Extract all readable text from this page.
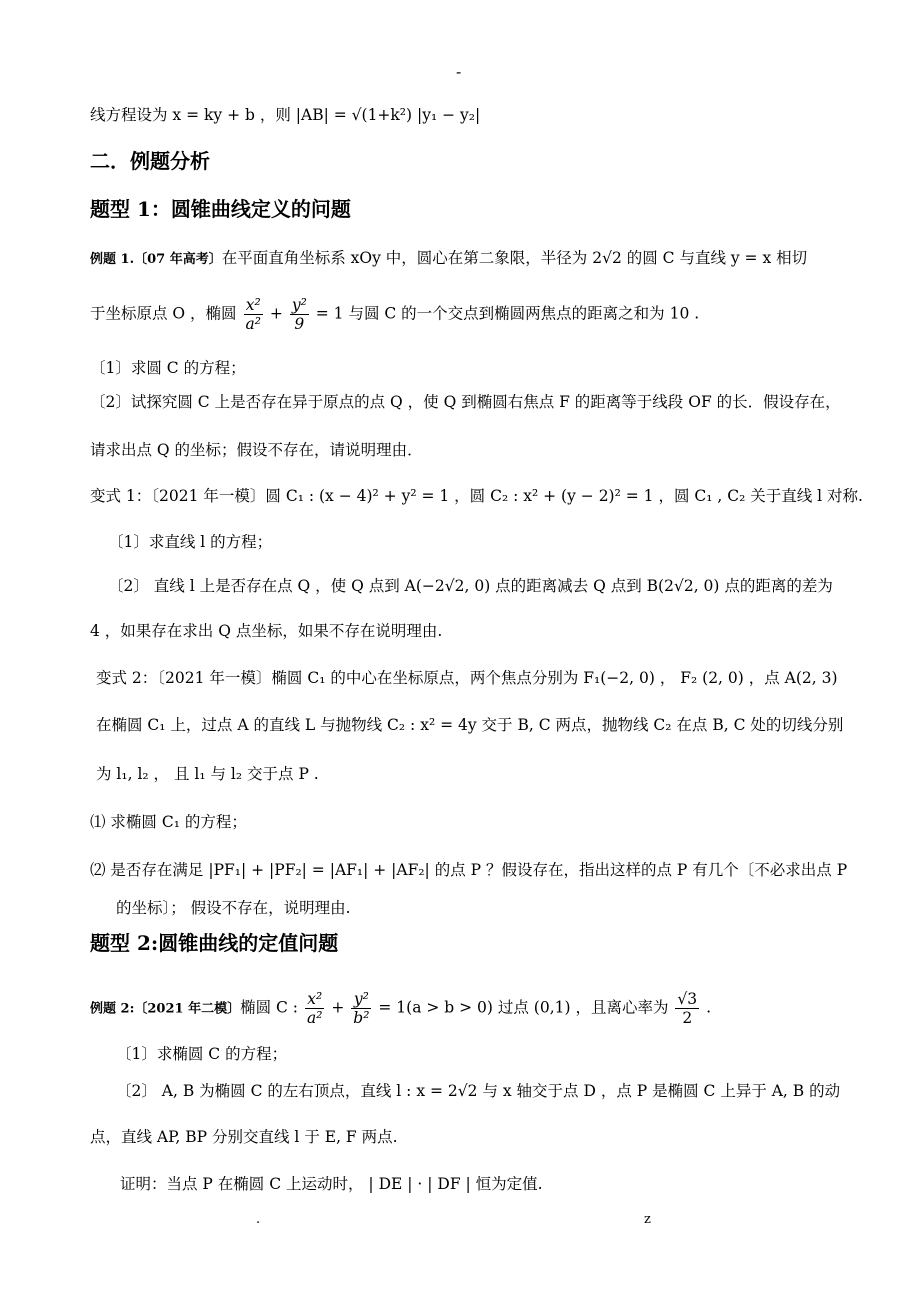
-
线方程设为 x = ky + b ，则 |AB| = √(1+k²) |y₁ − y₂|
二．例题分析
题型 1：圆锥曲线定义的问题
例题 1.〔07 年高考〕在平面直角坐标系 xOy 中，圆心在第二象限，半径为 2√2 的圆 C 与直线 y = x 相切
于坐标原点 O ，椭圆 $\frac{\text{x²}}{\text{a²}} + \frac{\text{y²}}{9} = 1$ 与圆 C 的一个交点到椭圆两焦点的距离之和为 10 .
〔1〕求圆 C 的方程；
〔2〕试探究圆 C 上是否存在异于原点的点 Q ，使 Q 到椭圆右焦点 F 的距离等于线段 OF 的长．假设存在，
请求出点 Q 的坐标；假设不存在，请说明理由．
变式 1：〔2021 年一模〕圆 C₁ : (x − 4)² + y² = 1 ，圆 C₂ : x² + (y − 2)² = 1 ，圆 C₁ , C₂ 关于直线 l 对称.
〔1〕求直线 l 的方程；
〔2〕 直线 l 上是否存在点 Q ，使 Q 点到 A(−2√2, 0) 点的距离减去 Q 点到 B(2√2, 0) 点的距离的差为
4 ，如果存在求出 Q 点坐标，如果不存在说明理由.
变式 2：〔2021 年一模〕椭圆 C₁ 的中心在坐标原点，两个焦点分别为 F₁(−2, 0) ， F₂ (2, 0) ，点 A(2, 3)
在椭圆 C₁ 上，过点 A 的直线 L 与抛物线 C₂ : x² = 4y 交于 B, C 两点，抛物线 C₂ 在点 B, C 处的切线分别
为 l₁, l₂ ， 且 l₁ 与 l₂ 交于点 P .
⑴ 求椭圆 C₁ 的方程；
⑵ 是否存在满足 |PF₁| + |PF₂| = |AF₁| + |AF₂| 的点 P ？假设存在，指出这样的点 P 有几个〔不必求出点 P
的坐标〕； 假设不存在，说明理由.
题型 2:圆锥曲线的定值问题
例题 2:〔2021 年二模〕椭圆 C : $\frac{\text{x²}}{\text{a²}} + \frac{\text{y²}}{\text{b²}} = 1(a > b > 0)$ 过点 (0,1) ，且离心率为 $\frac{√3}{2}$ .
〔1〕求椭圆 C 的方程；
〔2〕 A, B 为椭圆 C 的左右顶点，直线 l : x = 2√2 与 x 轴交于点 D ，点 P 是椭圆 C 上异于 A, B 的动
点，直线 AP, BP 分别交直线 l 于 E, F 两点.
证明：当点 P 在椭圆 C 上运动时， | DE | · | DF | 恒为定值.
.	z
